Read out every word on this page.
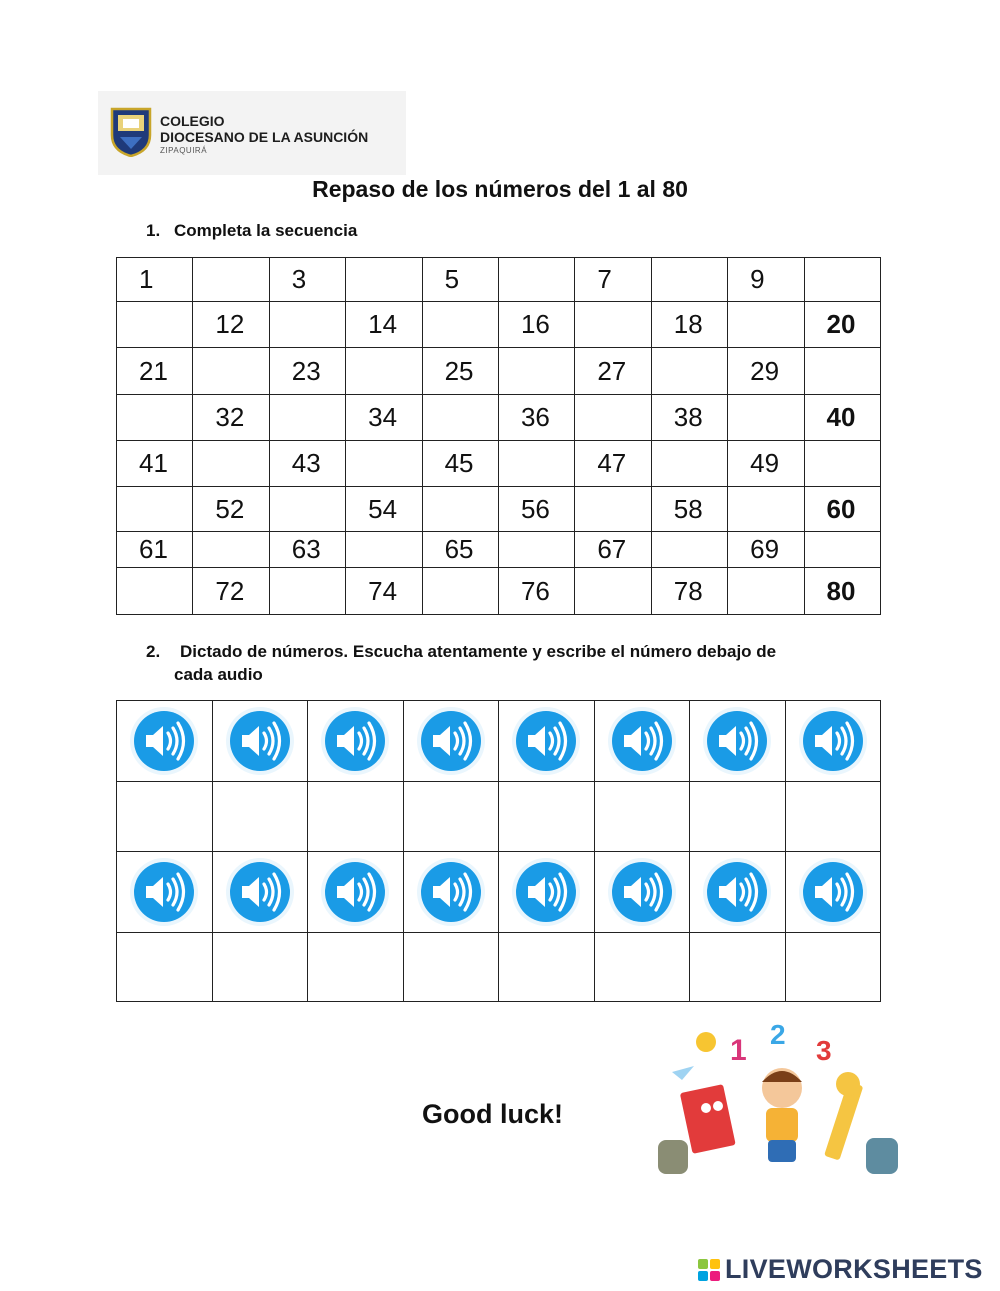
COLEGIO
DIOCESANO DE LA ASUNCIÓN
ZIPAQUIRÁ
Repaso de los números del 1 al 80
1. Completa la secuencia
1		3		5		7		9	
	12		14		16		18		20
21		23		25		27		29	
	32		34		36		38		40
41		43		45		47		49	
	52		54		56		58		60
61		63		65		67		69	
	72		74		76		78		80
2. Dictado de números. Escucha atentamente y escribe el número debajo de
cada audio

Good luck!
1 2
3
LIVEWORKSHEETS
